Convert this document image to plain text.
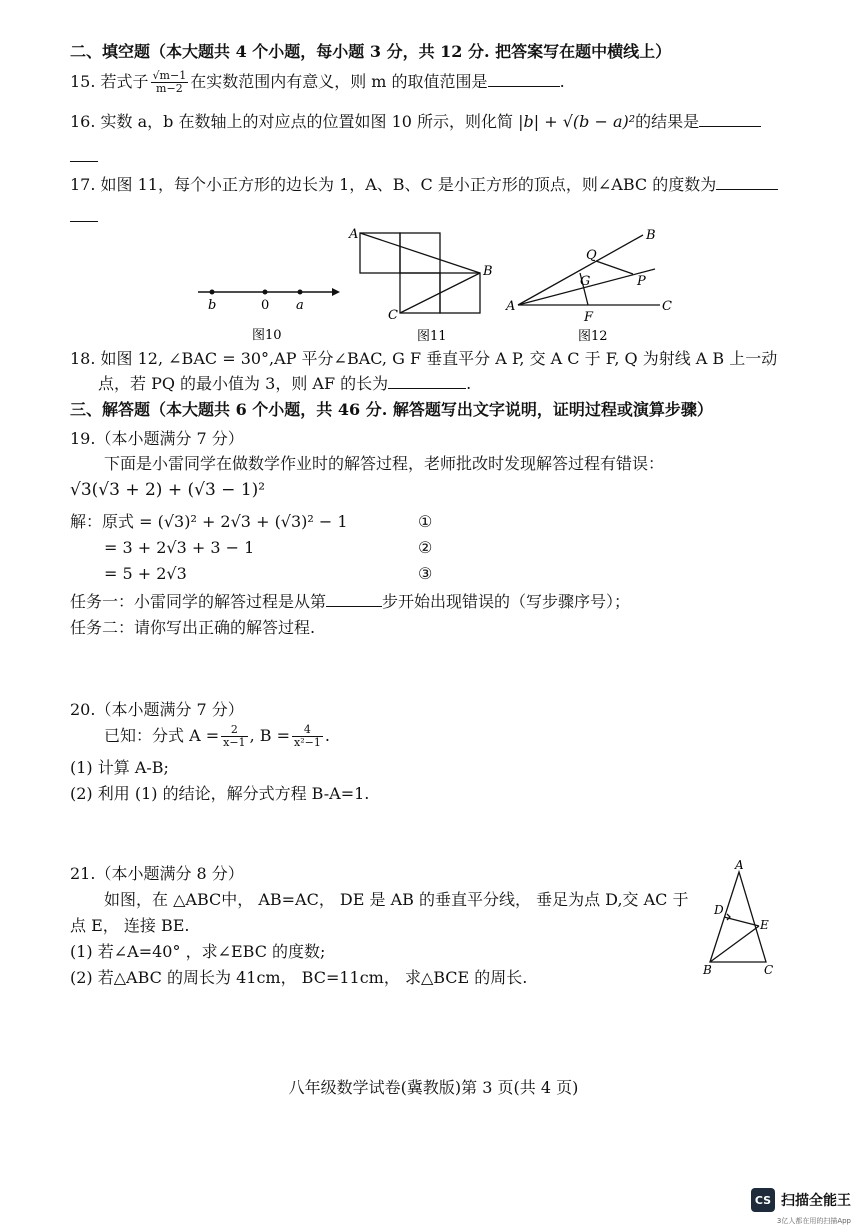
二、填空题（本大题共 4 个小题，每小题 3 分，共 12 分. 把答案写在题中横线上）
15. 若式子 $\frac{√m-1}{m-2}$ 在实数范围内有意义，则 m 的取值范围是	.
16. 实数 a，b 在数轴上的对应点的位置如图 10 所示，则化简 |b| + √(b − a)²的结果是
17. 如图 11，每个小正方形的边长为 1，A、B、C 是小正方形的顶点，则∠ABC 的度数为
b	0 a
图10
A
B
C
图11
Q
B
G	P
A
F
C
图12
18. 如图 12, ∠BAC = 30°,AP 平分∠BAC, G F 垂直平分 A P, 交 A C 于 F, Q 为射线 A B 上一动
点，若 PQ 的最小值为 3，则 AF 的长为	.
三、解答题（本大题共 6 个小题，共 46 分. 解答题写出文字说明，证明过程或演算步骤）
19.（本小题满分 7 分）
下面是小雷同学在做数学作业时的解答过程，老师批改时发现解答过程有错误：
√3(√3 + 2) + (√3 − 1)²
解：原式 = (√3)² + 2√3 + (√3)² − 1	①
= 3 + 2√3 + 3 − 1	②
= 5 + 2√3	③
任务一：小雷同学的解答过程是从第	步开始出现错误的（写步骤序号）；
任务二：请你写出正确的解答过程.
20.（本小题满分 7 分）
已知：分式 $A = \frac{2}{x-1}$ , $B = \frac{4}{\text{x²−1}}$ .
(1) 计算 A-B;
(2) 利用 (1) 的结论，解分式方程 B-A=1.
21.（本小题满分 8 分）
如图，在 △ABC中， AB=AC， DE 是 AB 的垂直平分线， 垂足为点 D,交 AC 于
点 E， 连接 BE.
(1) 若∠A=40° ，求∠EBC 的度数;
(2) 若△ABC 的周长为 41cm， BC=11cm， 求△BCE 的周长.
A
D
E
B	C
八年级数学试卷(冀教版)第 3 页(共 4 页)
CS 扫描全能王
3亿人都在用的扫描App
